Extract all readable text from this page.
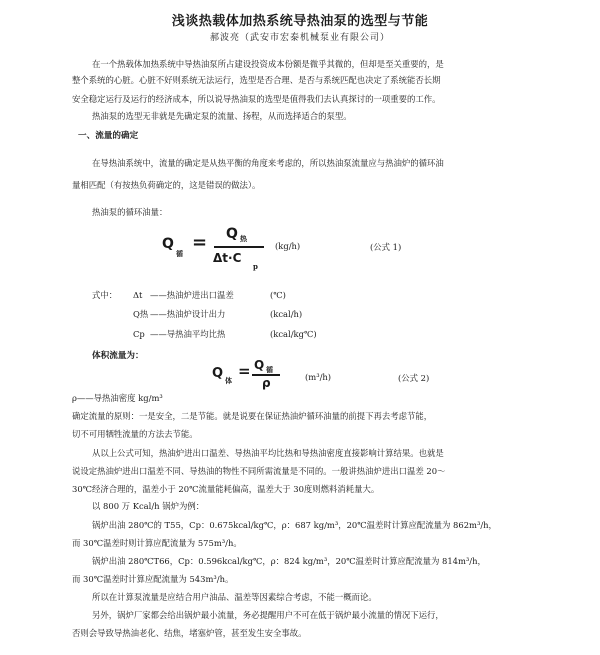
浅谈热载体加热系统导热油泵的选型与节能
郝波亮（武安市宏泰机械泵业有限公司）
在一个热载体加热系统中导热油泵所占建设投资成本份额是微乎其微的，但却是至关重要的，是
整个系统的心脏。心脏不好则系统无法运行，选型是否合理、是否与系统匹配也决定了系统能否长期
安全稳定运行及运行的经济成本，所以说导热油泵的选型是值得我们去认真探讨的一项重要的工作。
热油泵的选型无非就是先确定泵的流量、扬程，从而选择适合的泵型。
一、流量的确定
在导热油系统中，流量的确定是从热平衡的角度来考虑的，所以热油泵流量应与热油炉的循环油
量相匹配（有按热负荷确定的，这是错误的做法）。
热油泵的循环油量：
Q
循
= Q 热
Δt·C
p
(kg/h)	(公式 1)
式中： Δt ——热油炉进出口温差	(℃)
Q热 ——热油炉设计出力	(kcal/h)
Cp ——导热油平均比热	(kcal/kg℃)
体积流量为：
Q 体
= Q 循
ρ	(m³/h)	(公式 2)
ρ——导热油密度 kg/m³
确定流量的原则：一是安全，二是节能。就是说要在保证热油炉循环油量的前提下再去考虑节能，
切不可用牺牲流量的方法去节能。
从以上公式可知，热油炉进出口温差、导热油平均比热和导热油密度直接影响计算结果。也就是
说设定热油炉进出口温差不同、导热油的物性不同所需流量是不同的。一般讲热油炉进出口温差 20～
30℃经济合理的，温差小于 20℃流量能耗偏高，温差大于 30度则燃料消耗量大。
以 800 万 Kcal/h 锅炉为例：
锅炉出油 280℃的 T55，Cp：0.675kcal/kg℃，ρ：687 kg/m³，20℃温差时计算应配流量为 862m³/h，
而 30℃温差时则计算应配流量为 575m³/h。
锅炉出油 280℃T66，Cp：0.596kcal/kg℃，ρ：824 kg/m³，20℃温差时计算应配流量为 814m³/h，
而 30℃温差时计算应配流量为 543m³/h。
所以在计算泵流量是应结合用户油品、温差等因素综合考虑，不能一概而论。
另外，锅炉厂家都会给出锅炉最小流量，务必提醒用户不可在低于锅炉最小流量的情况下运行，
否则会导致导热油老化、结焦，堵塞炉管，甚至发生安全事故。
